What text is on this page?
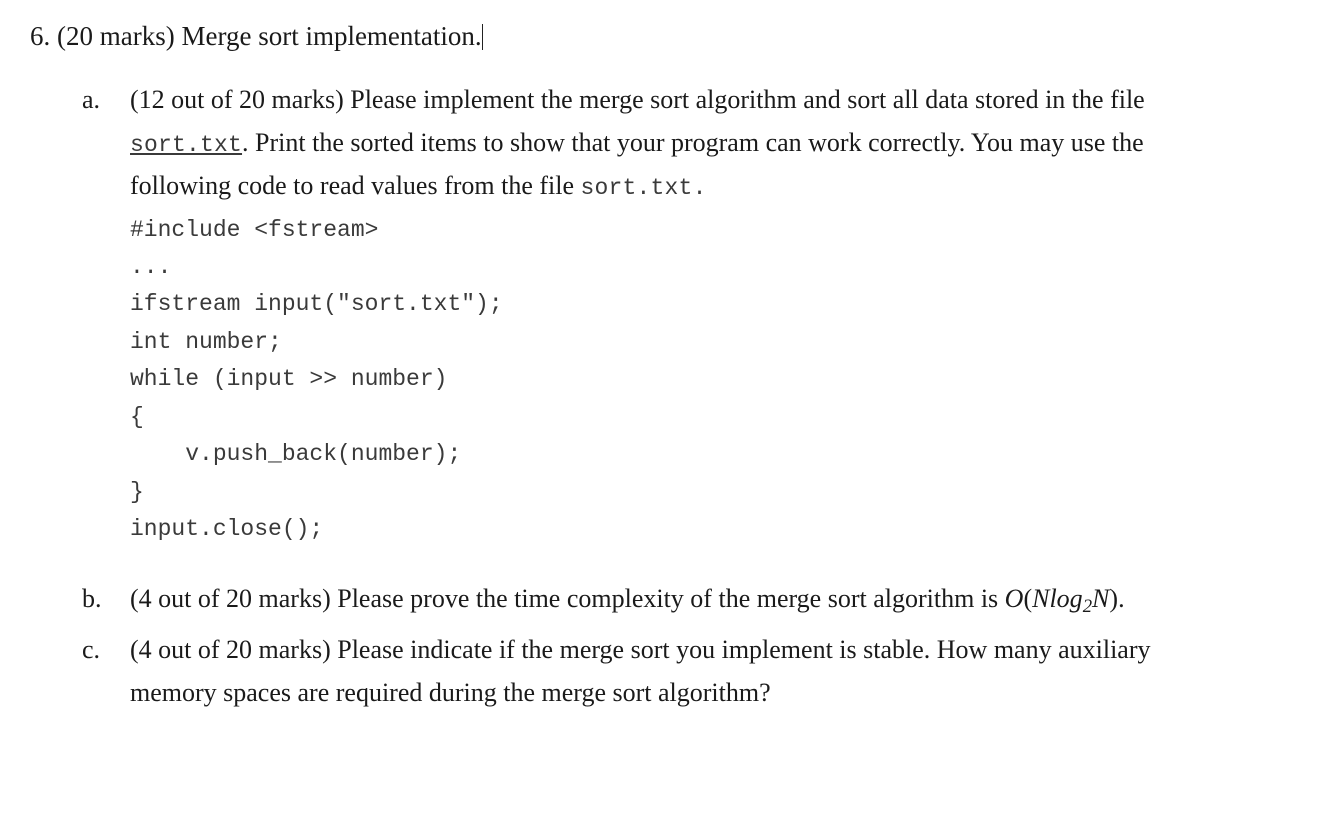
6. (20 marks) Merge sort implementation.
a.	(12 out of 20 marks) Please implement the merge sort algorithm and sort all data stored in the file sort.txt. Print the sorted items to show that your program can work correctly. You may use the following code to read values from the file sort.txt.

#include <fstream>
...
ifstream input("sort.txt");
int number;
while (input >> number)
{
v.push_back(number);
}
input.close();
b.	(4 out of 20 marks) Please prove the time complexity of the merge sort algorithm is O(Nlog$_2$N).

c.	(4 out of 20 marks) Please indicate if the merge sort you implement is stable. How many auxiliary memory spaces are required during the merge sort algorithm?
